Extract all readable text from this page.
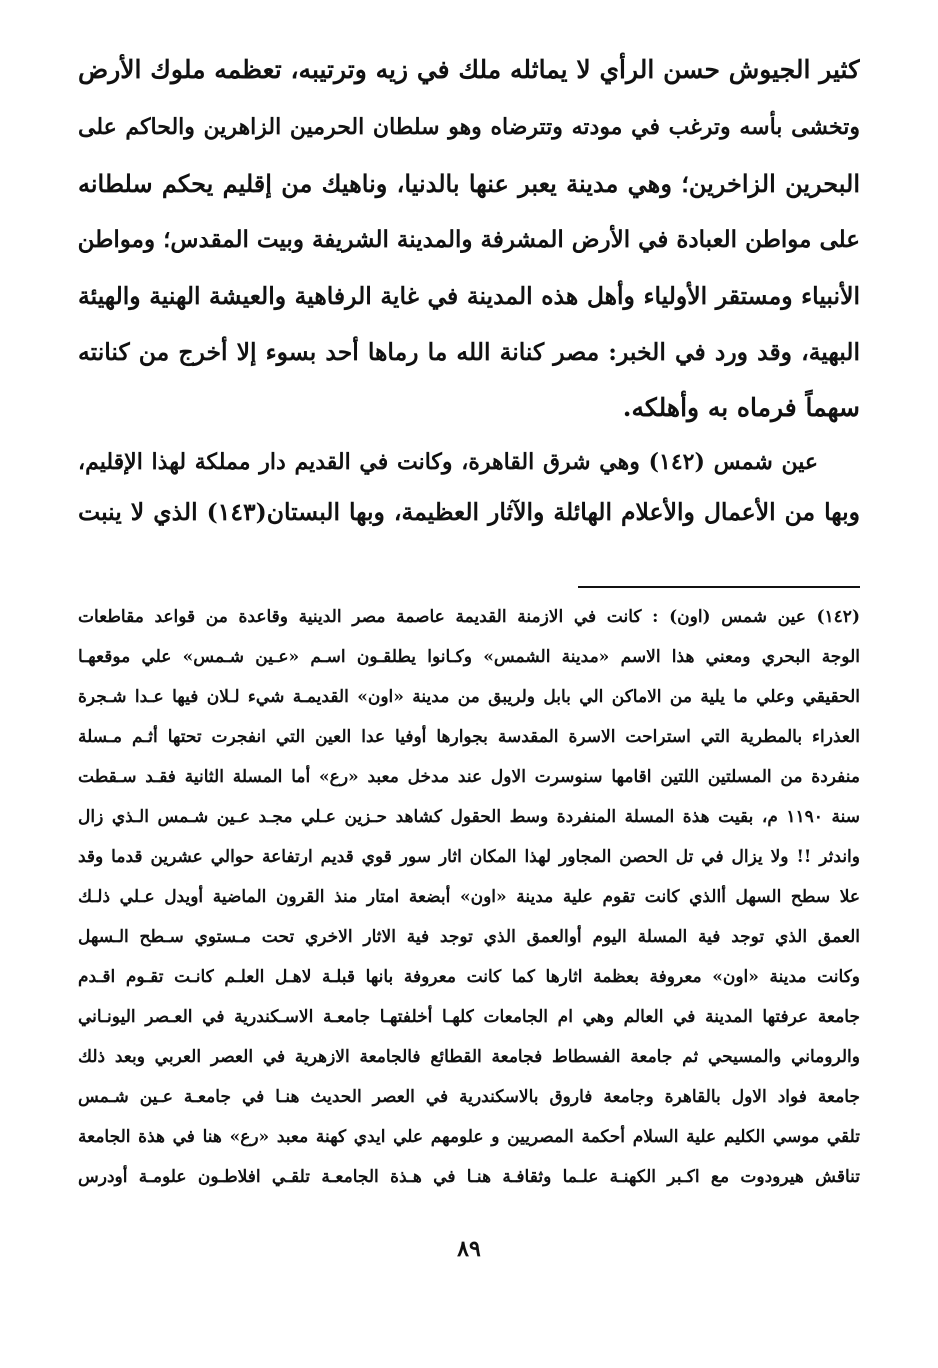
كثير الجيوش حسن الرأي لا يماثله ملك في زيه وترتيبه، تعظمه ملوك الأرض
وتخشى بأسه وترغب في مودته وتترضاه وهو سلطان الحرمين الزاهرين والحاكم على
البحرين الزاخرين؛ وهي مدينة يعبر عنها بالدنيا، وناهيك من إقليم يحكم سلطانه
على مواطن العبادة في الأرض المشرفة والمدينة الشريفة وبيت المقدس؛ ومواطن
الأنبياء ومستقر الأولياء وأهل هذه المدينة في غاية الرفاهية والعيشة الهنية والهيئة
البهية، وقد ورد في الخبر: مصر كنانة الله ما رماها أحد بسوء إلا أخرج من كنانته
سهماً فرماه به وأهلكه.
عين شمس (١٤٢) وهي شرق القاهرة، وكانت في القديم دار مملكة لهذا الإقليم،
وبها من الأعمال والأعلام الهائلة والآثار العظيمة، وبها البستان(١٤٣) الذي لا ينبت
(١٤٢) عين شمس (اون) : كانت في الازمنة القديمة عاصمة مصر الدينية وقاعدة من قواعد مقاطعات
الوجة البحري ومعني هذا الاسم «مدينة الشمس» وكـانوا يطلقـون اسـم «عـين شـمس» علي موقعهـا
الحقيقي وعلي ما يلية من الاماكن الي بابل ولريبق من مدينة «اون» القديمـة شيء لـلان فيها عـدا شـجرة
العذراء بالمطرية التي استراحت الاسرة المقدسة بجوارها أوفيا عدا العين التي انفجرت تحتها أثـم مـسلة
منفردة من المسلتين اللتين اقامها سنوسرت الاول عند مدخل معبد «رع» أما المسلة الثانية فقـد سـقطت
سنة ١١٩٠ م، بقيت هذة المسلة المنفردة وسط الحقول كشاهد حـزين عـلي مجـد عـين شـمس الـذي زال
واندثر !! ولا يزال في تل الحصن المجاور لهذا المكان اثار سور قوي قديم ارتفاعة حوالي عشرين قدما وقد
علا سطح السهل أالذي كانت تقوم علية مدينة «اون» أبضعة امتار منذ القرون الماضية أويدل عـلي ذلـك
العمق الذي توجد فية المسلة اليوم أوالعمق الذي توجد فية الاثار الاخري تحت مـستوي سـطح الـسهل
وكانت مدينة «اون» معروفة بعظمة اثارها كما كانت معروفة بانها قبلـة لاهـل العلـم كانـت تقـوم اقـدم
جامعة عرفتها المدينة في العالم وهي ام الجامعات كلهـا أخلفتهـا جامعـة الاسـكندرية في العـصر اليونـاني
والروماني والمسيحي ثم جامعة الفسطاط فجامعة القطائع فالجامعة الازهرية في العصر العربي وبعد ذلك
جامعة فواد الاول بالقاهرة وجامعة فاروق بالاسكندرية في العصر الحديث هنـا في جامعـة عـين شـمس
تلقي موسي الكليم علية السلام أحكمة المصريين و علومهم علي ايدي كهنة معبد «رع» هنا في هذة الجامعة
تناقش هيرودوت مع اكـبر الكهنـة علـما وثقافـة هنـا في هـذة الجامعـة تلقـي افلاطـون علومـة أودرس
٨٩
